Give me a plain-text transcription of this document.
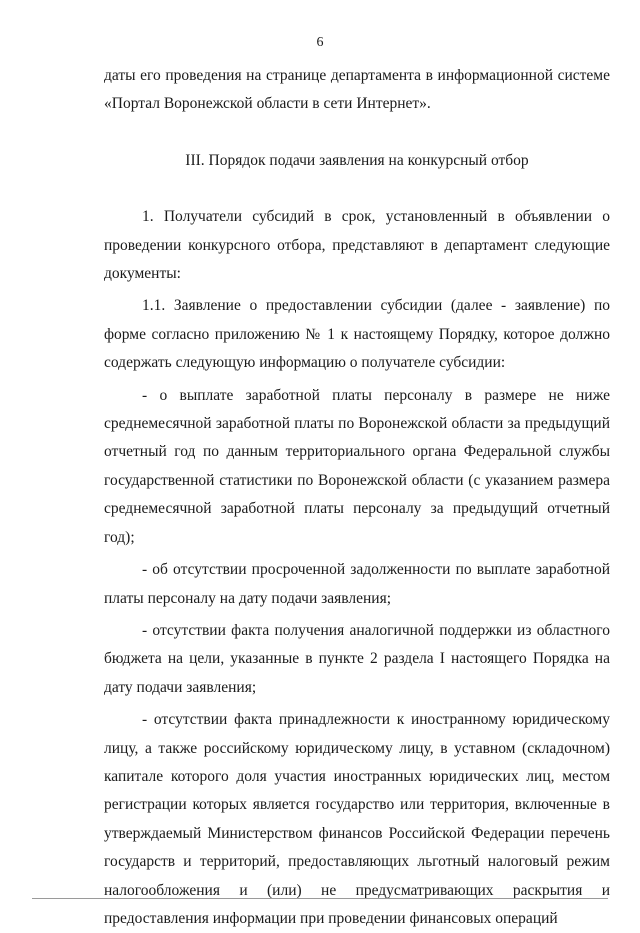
6

даты его проведения на странице департамента в информационной системе «Портал Воронежской области в сети Интернет».

III. Порядок подачи заявления на конкурсный отбор

1. Получатели субсидий в срок, установленный в объявлении о проведении конкурсного отбора, представляют в департамент следующие документы:

1.1. Заявление о предоставлении субсидии (далее - заявление) по форме согласно приложению № 1 к настоящему Порядку, которое должно содержать следующую информацию о получателе субсидии:

- о выплате заработной платы персоналу в размере не ниже среднемесячной заработной платы по Воронежской области за предыдущий отчетный год по данным территориального органа Федеральной службы государственной статистики по Воронежской области (с указанием размера среднемесячной заработной платы персоналу за предыдущий отчетный год);

- об отсутствии просроченной задолженности по выплате заработной платы персоналу на дату подачи заявления;

- отсутствии факта получения аналогичной поддержки из областного бюджета на цели, указанные в пункте 2 раздела I настоящего Порядка на дату подачи заявления;

- отсутствии факта принадлежности к иностранному юридическому лицу, а также российскому юридическому лицу, в уставном (складочном) капитале которого доля участия иностранных юридических лиц, местом регистрации которых является государство или территория, включенные в утверждаемый Министерством финансов Российской Федерации перечень государств и территорий, предоставляющих льготный налоговый режим налогообложения и (или) не предусматривающих раскрытия и предоставления информации при проведении финансовых операций
